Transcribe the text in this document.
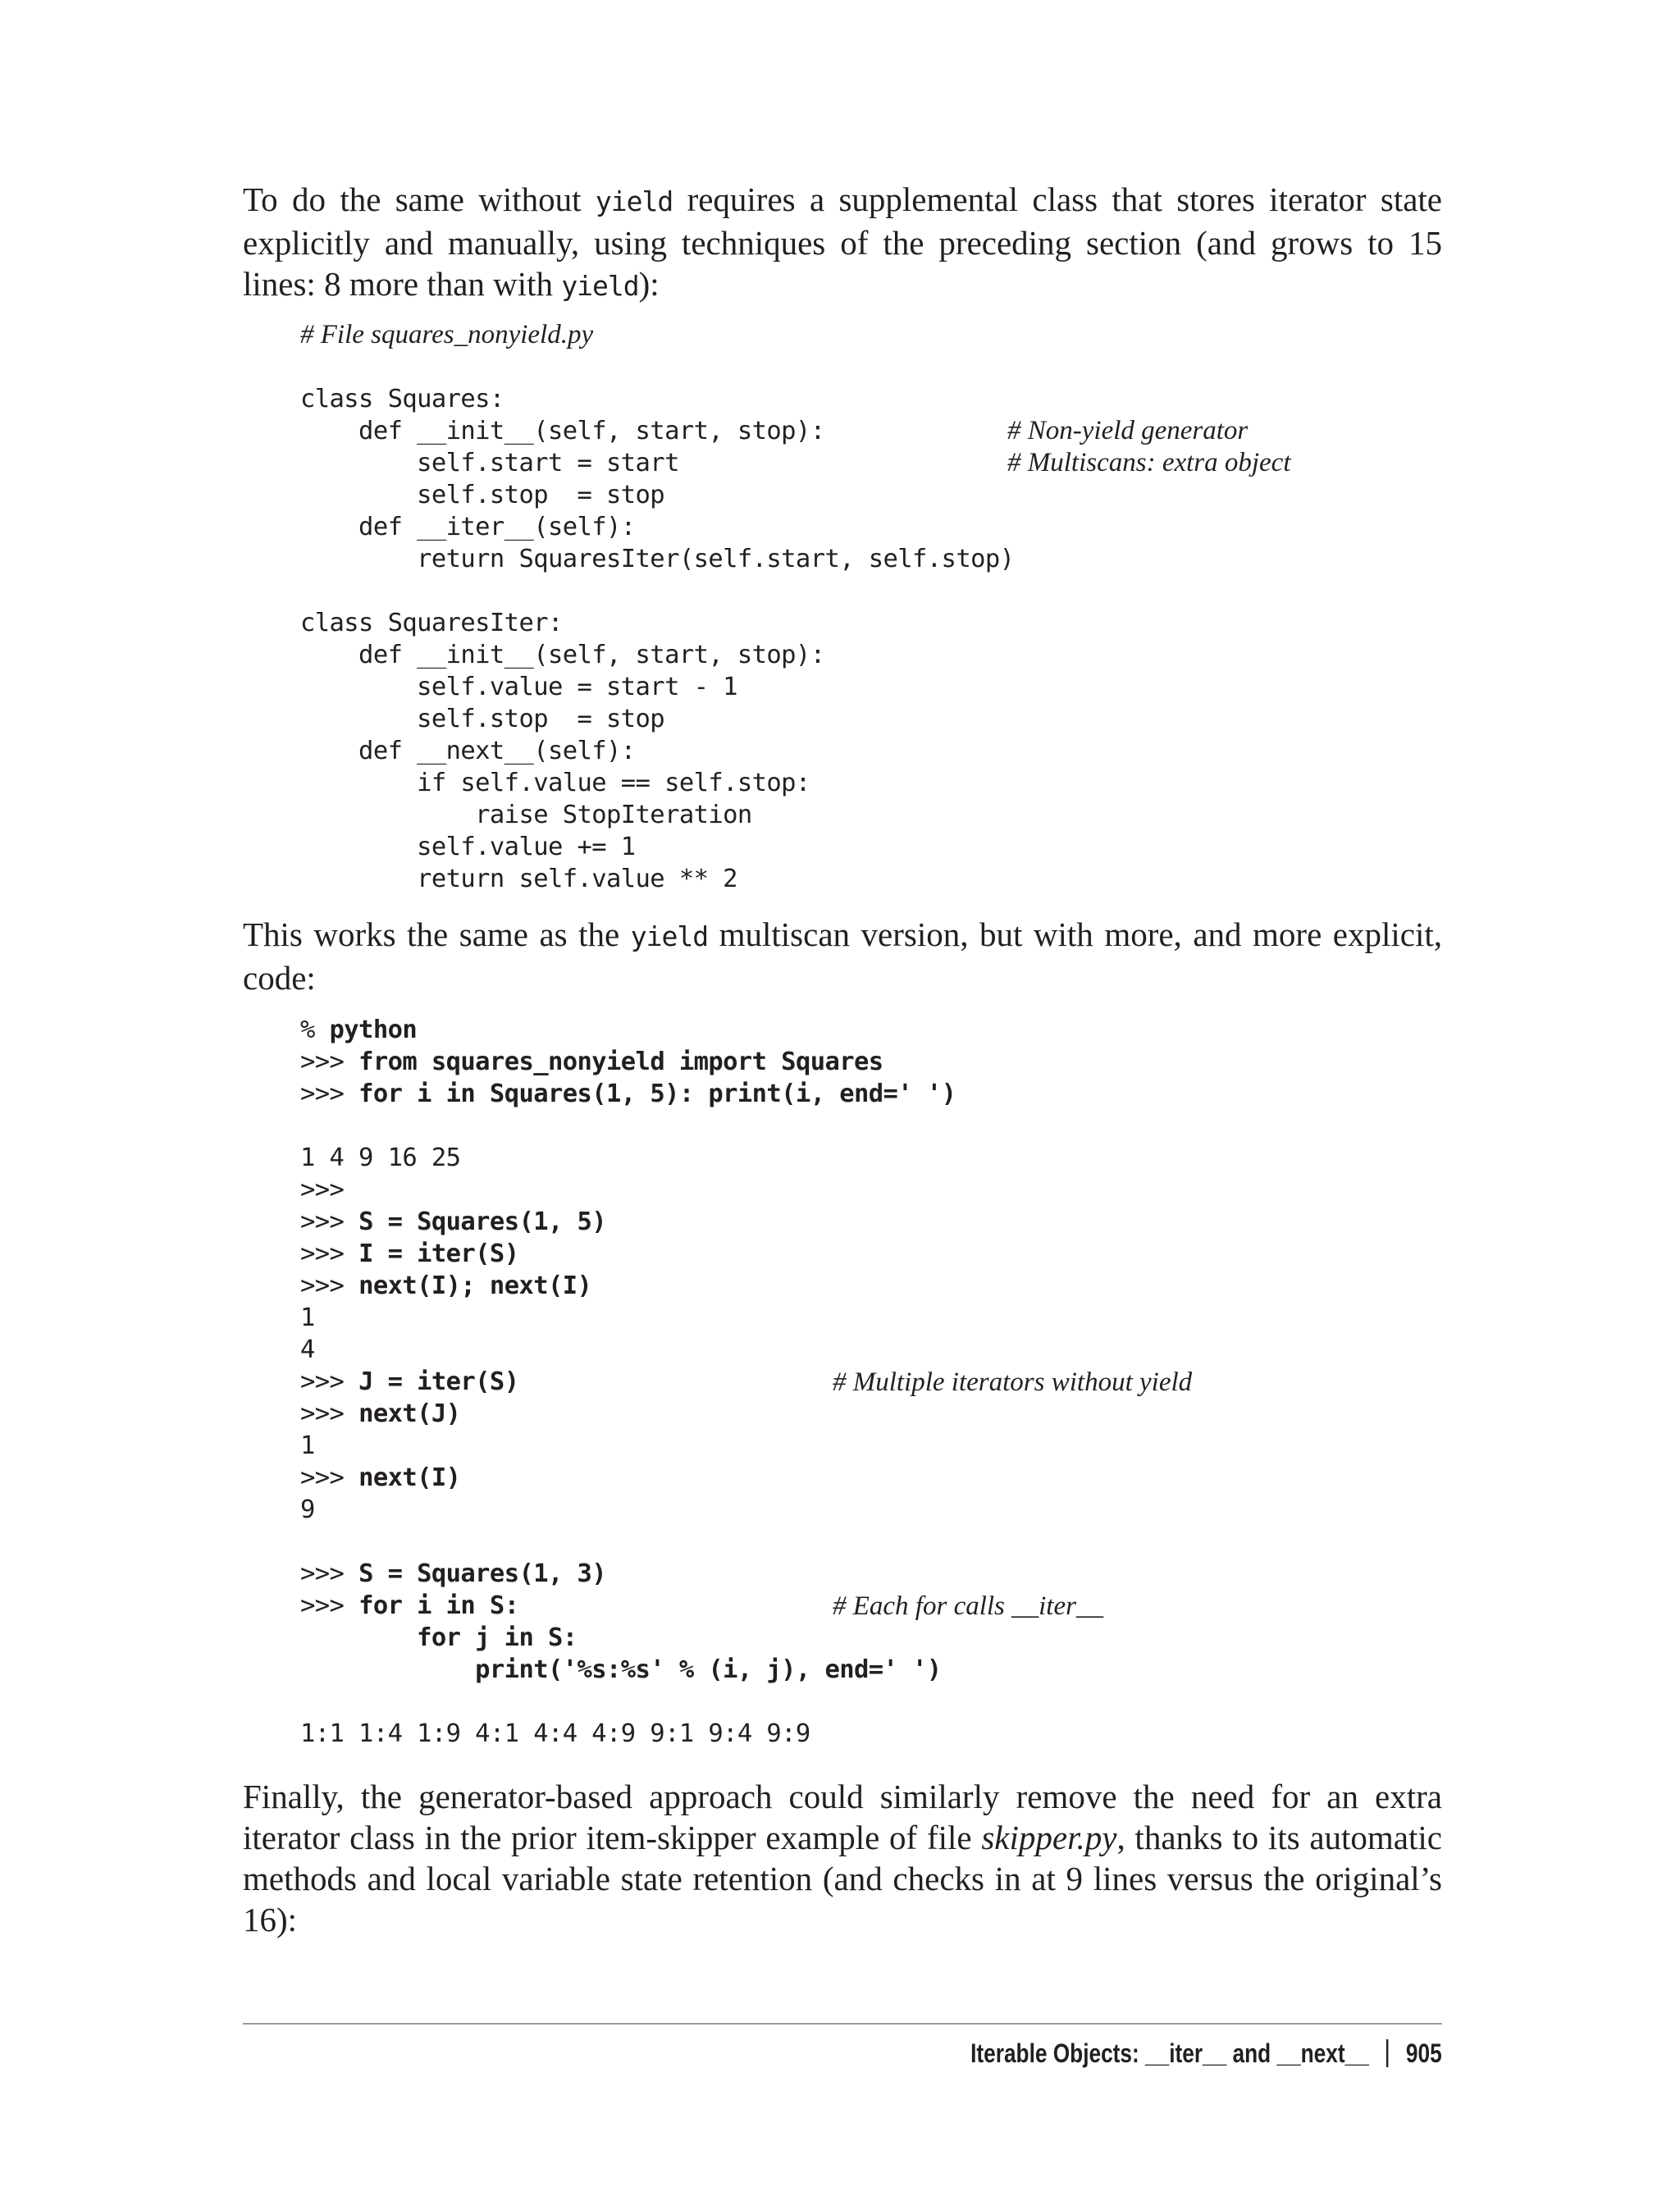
To do the same without yield requires a supplemental class that stores iterator state explicitly and manually, using techniques of the preceding section (and grows to 15 lines: 8 more than with yield):

# File squares_nonyield.py

class Squares:
def __init__(self, start, stop):
self.start = start
self.stop  = stop
def __iter__(self):
return SquaresIter(self.start, self.stop)

class SquaresIter:
def __init__(self, start, stop):
self.value = start - 1
self.stop  = stop
def __next__(self):
if self.value == self.stop:
raise StopIteration
self.value += 1
return self.value ** 2
# Non-yield generator
# Multiscans: extra object

This works the same as the yield multiscan version, but with more, and more explicit, code:

% python
>>> from squares_nonyield import Squares
>>> for i in Squares(1, 5): print(i, end=' ')

1 4 9 16 25
>>>
>>> S = Squares(1, 5)
>>> I = iter(S)
>>> next(I); next(I)
1
4
>>> J = iter(S)
>>> next(J)
1
>>> next(I)
9

>>> S = Squares(1, 3)
>>> for i in S:
for j in S:
print('%s:%s' % (i, j), end=' ')

1:1 1:4 1:9 4:1 4:4 4:9 9:1 9:4 9:9
# Multiple iterators without yield
# Each for calls __iter__

Finally, the generator-based approach could similarly remove the need for an extra iterator class in the prior item-skipper example of file skipper.py, thanks to its automatic methods and local variable state retention (and checks in at 9 lines versus the original’s 16):

Iterable Objects: __iter__ and __next__ 905
